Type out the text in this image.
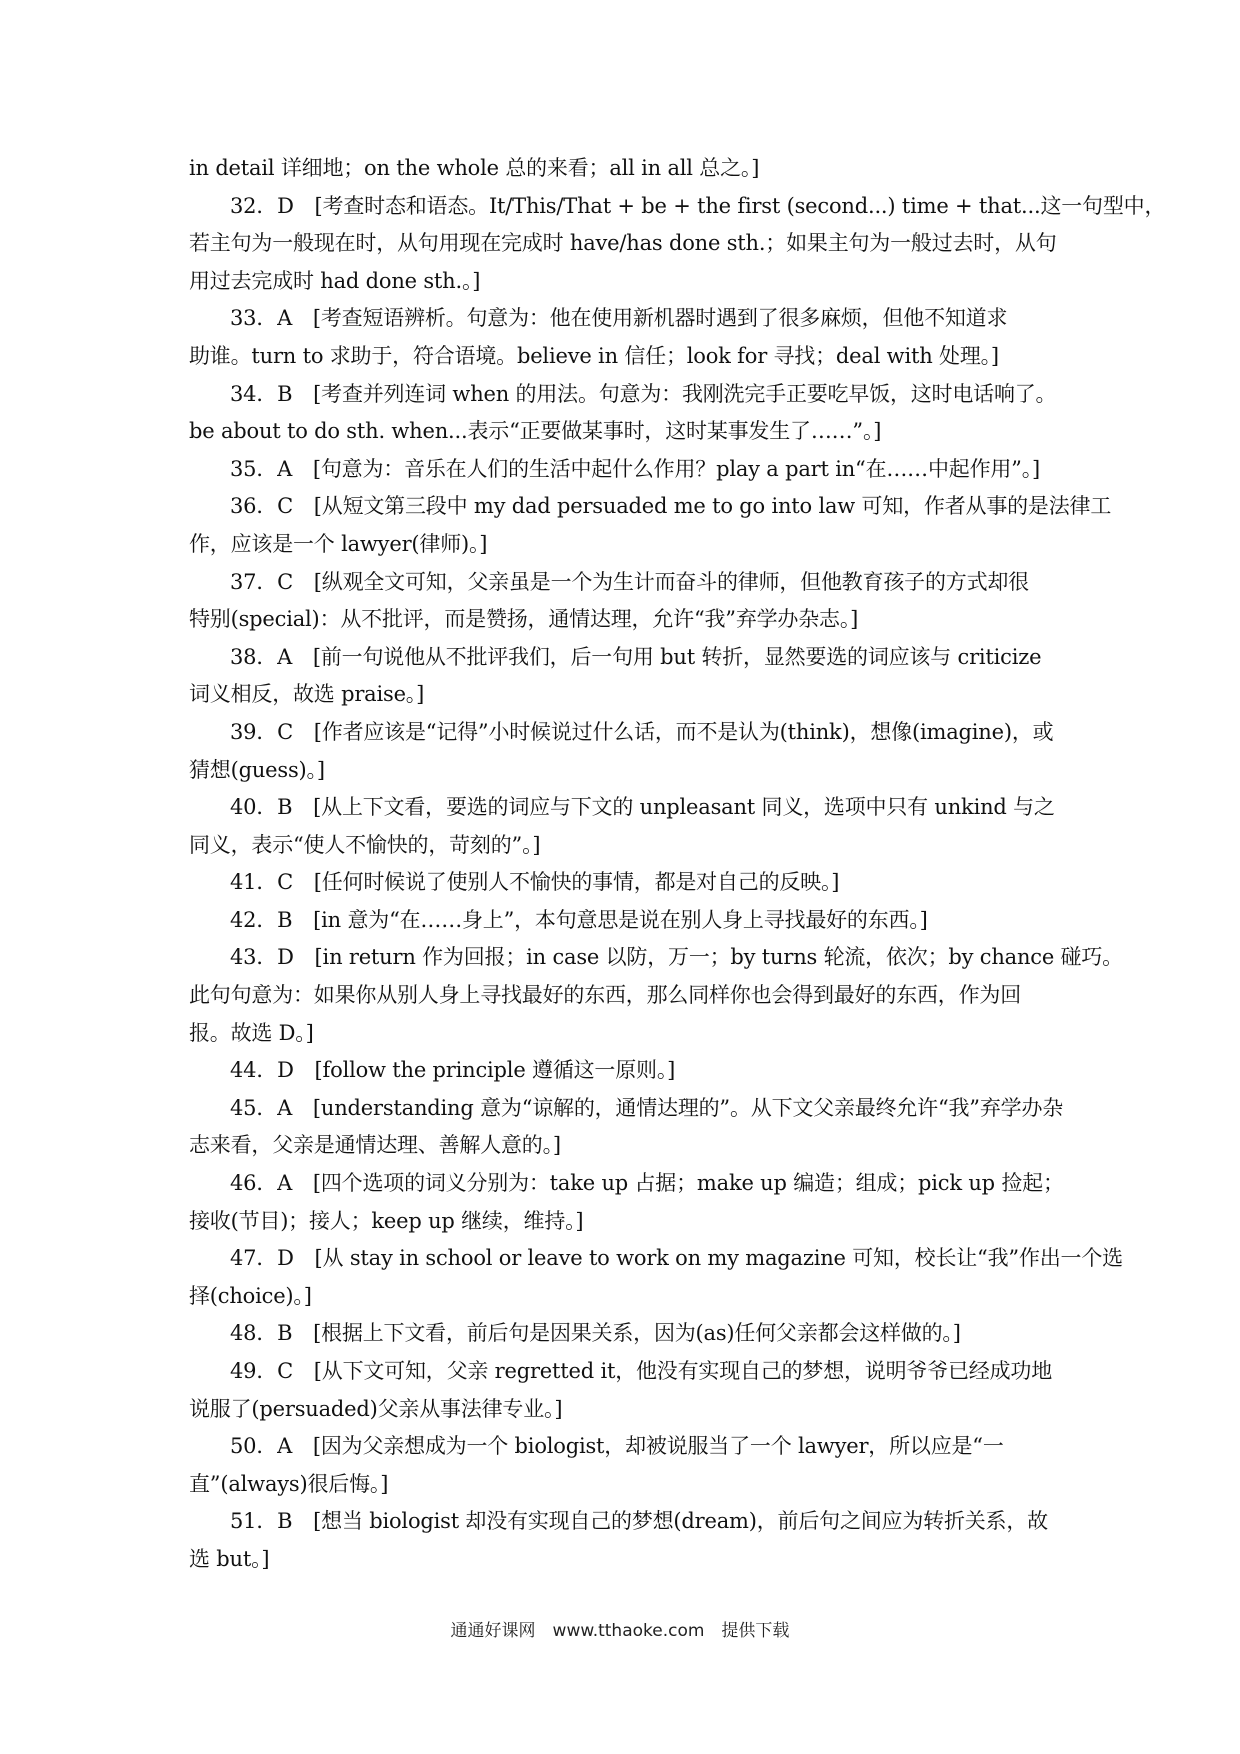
in detail 详细地；on the whole 总的来看；all in all 总之。]
32．D　[考查时态和语态。It/This/That + be + the first (second...) time + that...这一句型中，
若主句为一般现在时，从句用现在完成时 have/has done sth.；如果主句为一般过去时，从句
用过去完成时 had done sth.。]
33．A　[考查短语辨析。句意为：他在使用新机器时遇到了很多麻烦，但他不知道求
助谁。turn to 求助于，符合语境。believe in 信任；look for 寻找；deal with 处理。]
34．B　[考查并列连词 when 的用法。句意为：我刚洗完手正要吃早饭，这时电话响了。
be about to do sth. when...表示“正要做某事时，这时某事发生了……”。]
35．A　[句意为：音乐在人们的生活中起什么作用？play a part in“在……中起作用”。]
36．C　[从短文第三段中 my dad persuaded me to go into law 可知，作者从事的是法律工
作，应该是一个 lawyer(律师)。]
37．C　[纵观全文可知，父亲虽是一个为生计而奋斗的律师，但他教育孩子的方式却很
特别(special)：从不批评，而是赞扬，通情达理，允许“我”弃学办杂志。]
38．A　[前一句说他从不批评我们，后一句用 but 转折，显然要选的词应该与 criticize
词义相反，故选 praise。]
39．C　[作者应该是“记得”小时候说过什么话，而不是认为(think)，想像(imagine)，或
猜想(guess)。]
40．B　[从上下文看，要选的词应与下文的 unpleasant 同义，选项中只有 unkind 与之
同义，表示“使人不愉快的，苛刻的”。]
41．C　[任何时候说了使别人不愉快的事情，都是对自己的反映。]
42．B　[in 意为“在……身上”，本句意思是说在别人身上寻找最好的东西。]
43．D　[in return 作为回报；in case 以防，万一；by turns 轮流，依次；by chance 碰巧。
此句句意为：如果你从别人身上寻找最好的东西，那么同样你也会得到最好的东西，作为回
报。故选 D。]
44．D　[follow the principle 遵循这一原则。]
45．A　[understanding 意为“谅解的，通情达理的”。从下文父亲最终允许“我”弃学办杂
志来看，父亲是通情达理、善解人意的。]
46．A　[四个选项的词义分别为：take up 占据；make up 编造；组成；pick up 捡起；
接收(节目)；接人；keep up 继续，维持。]
47．D　[从 stay in school or leave to work on my magazine 可知，校长让“我”作出一个选
择(choice)。]
48．B　[根据上下文看，前后句是因果关系，因为(as)任何父亲都会这样做的。]
49．C　[从下文可知，父亲 regretted it，他没有实现自己的梦想，说明爷爷已经成功地
说服了(persuaded)父亲从事法律专业。]
50．A　[因为父亲想成为一个 biologist，却被说服当了一个 lawyer，所以应是“一
直”(always)很后悔。]
51．B　[想当 biologist 却没有实现自己的梦想(dream)，前后句之间应为转折关系，故
选 but。]
通通好课网　www.tthaoke.com　提供下载
